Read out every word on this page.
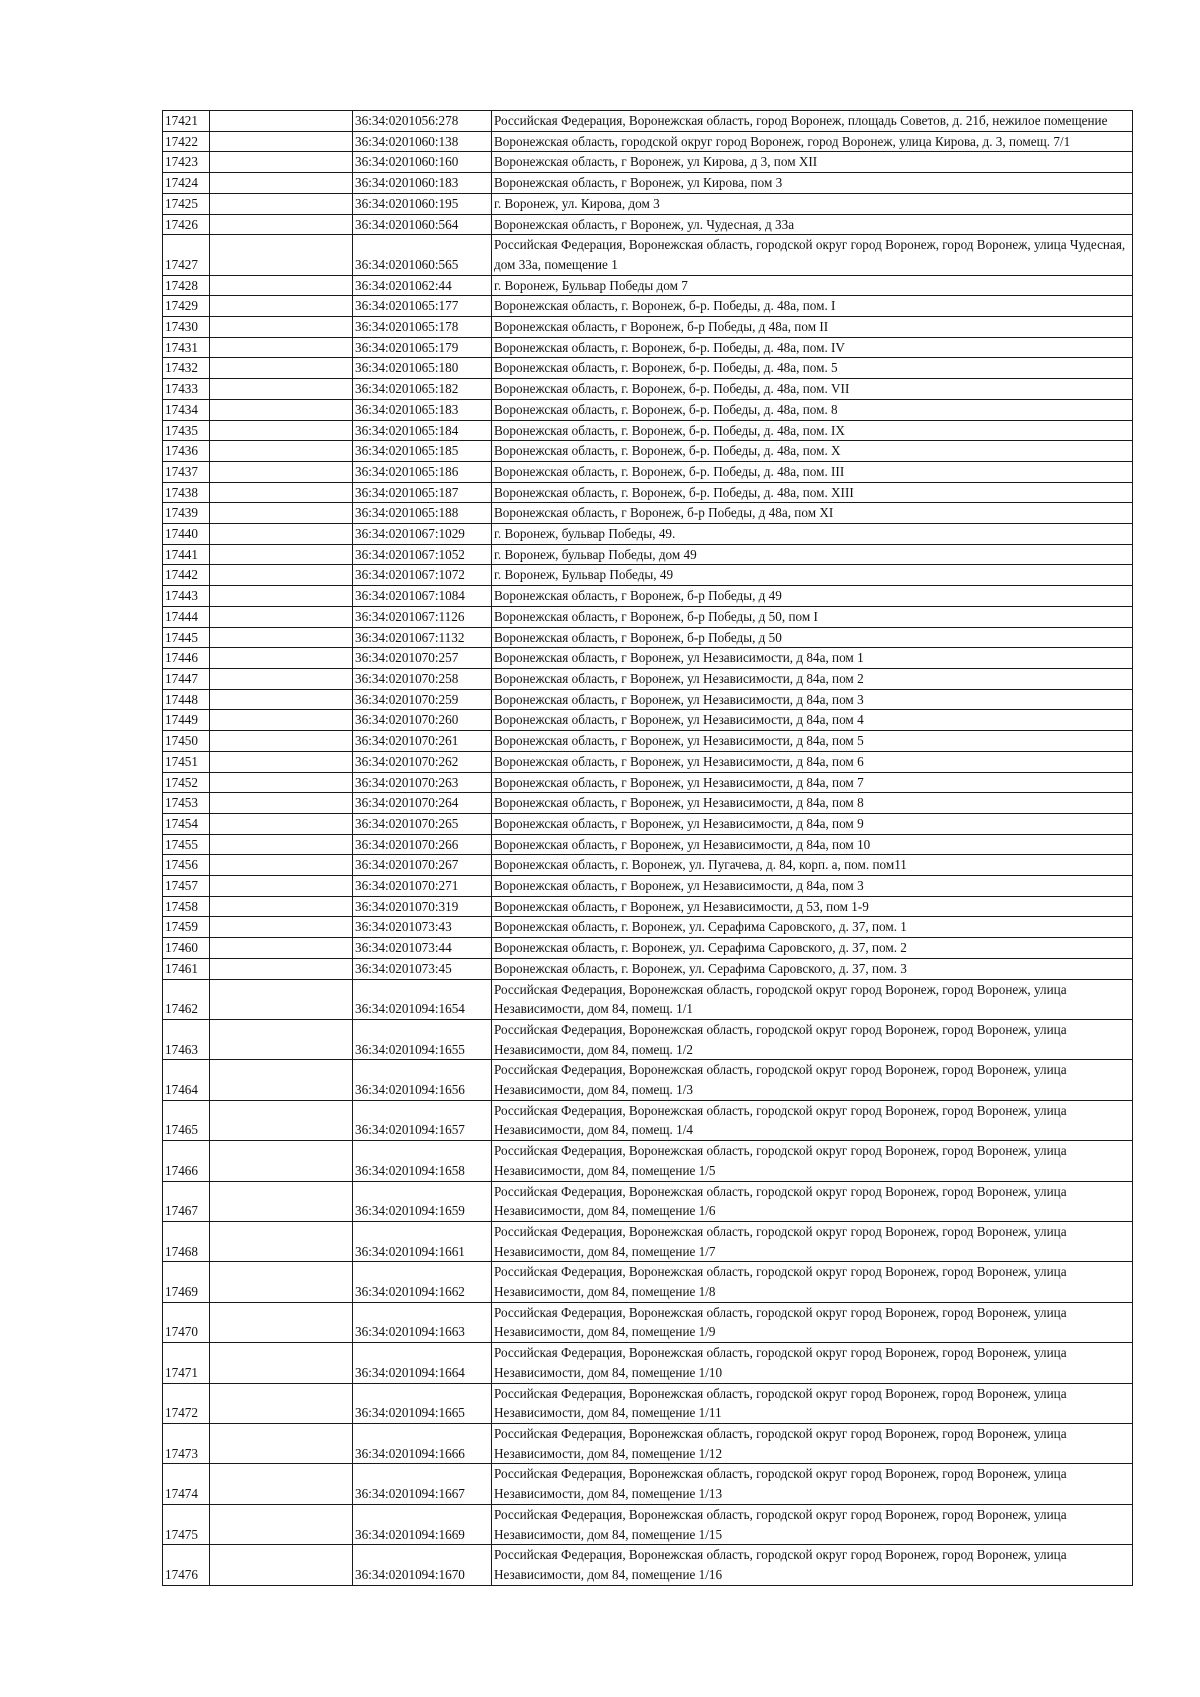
17421		36:34:0201056:278	Российская Федерация, Воронежская область, город Воронеж, площадь Советов, д. 21б, нежилое помещение
17422		36:34:0201060:138	Воронежская область, городской округ город Воронеж, город Воронеж, улица Кирова, д. 3, помещ. 7/1
17423		36:34:0201060:160	Воронежская область, г Воронеж, ул Кирова, д 3, пом XII
17424		36:34:0201060:183	Воронежская область, г Воронеж, ул Кирова, пом 3
17425		36:34:0201060:195	г. Воронеж, ул. Кирова, дом 3
17426		36:34:0201060:564	Воронежская область, г Воронеж, ул. Чудесная, д 33а
17427		36:34:0201060:565	Российская Федерация, Воронежская область, городской округ город Воронеж, город Воронеж, улица Чудесная, дом 33а, помещение 1
17428		36:34:0201062:44	г. Воронеж, Бульвар Победы дом 7
17429		36:34:0201065:177	Воронежская область, г. Воронеж, б-р. Победы, д. 48а, пом. I
17430		36:34:0201065:178	Воронежская область, г Воронеж, б-р Победы, д 48а, пом II
17431		36:34:0201065:179	Воронежская область, г. Воронеж, б-р. Победы, д. 48а, пом. IV
17432		36:34:0201065:180	Воронежская область, г. Воронеж, б-р. Победы, д. 48а, пом. 5
17433		36:34:0201065:182	Воронежская область, г. Воронеж, б-р. Победы, д. 48а, пом. VII
17434		36:34:0201065:183	Воронежская область, г. Воронеж, б-р. Победы, д. 48а, пом. 8
17435		36:34:0201065:184	Воронежская область, г. Воронеж, б-р. Победы, д. 48а, пом. IX
17436		36:34:0201065:185	Воронежская область, г. Воронеж, б-р. Победы, д. 48а, пом. X
17437		36:34:0201065:186	Воронежская область, г. Воронеж, б-р. Победы, д. 48а, пом. III
17438		36:34:0201065:187	Воронежская область, г. Воронеж, б-р. Победы, д. 48а, пом. XIII
17439		36:34:0201065:188	Воронежская область, г Воронеж, б-р Победы, д 48а, пом XI
17440		36:34:0201067:1029	г. Воронеж, бульвар Победы, 49.
17441		36:34:0201067:1052	г. Воронеж, бульвар Победы, дом 49
17442		36:34:0201067:1072	г. Воронеж, Бульвар Победы, 49
17443		36:34:0201067:1084	Воронежская область, г Воронеж, б-р Победы, д 49
17444		36:34:0201067:1126	Воронежская область, г Воронеж, б-р Победы, д 50, пом I
17445		36:34:0201067:1132	Воронежская область, г Воронеж, б-р Победы, д 50
17446		36:34:0201070:257	Воронежская область, г Воронеж, ул Независимости, д 84а, пом 1
17447		36:34:0201070:258	Воронежская область, г Воронеж, ул Независимости, д 84а, пом 2
17448		36:34:0201070:259	Воронежская область, г Воронеж, ул Независимости, д 84а, пом 3
17449		36:34:0201070:260	Воронежская область, г Воронеж, ул Независимости, д 84а, пом 4
17450		36:34:0201070:261	Воронежская область, г Воронеж, ул Независимости, д 84а, пом 5
17451		36:34:0201070:262	Воронежская область, г Воронеж, ул Независимости, д 84а, пом 6
17452		36:34:0201070:263	Воронежская область, г Воронеж, ул Независимости, д 84а, пом 7
17453		36:34:0201070:264	Воронежская область, г Воронеж, ул Независимости, д 84а, пом 8
17454		36:34:0201070:265	Воронежская область, г Воронеж, ул Независимости, д 84а, пом 9
17455		36:34:0201070:266	Воронежская область, г Воронеж, ул Независимости, д 84а, пом 10
17456		36:34:0201070:267	Воронежская область, г. Воронеж, ул. Пугачева, д. 84, корп. а, пом. пом11
17457		36:34:0201070:271	Воронежская область, г Воронеж, ул Независимости, д 84а, пом 3
17458		36:34:0201070:319	Воронежская область, г Воронеж, ул Независимости, д 53, пом 1-9
17459		36:34:0201073:43	Воронежская область, г. Воронеж, ул. Серафима Саровского, д. 37, пом. 1
17460		36:34:0201073:44	Воронежская область, г. Воронеж, ул. Серафима Саровского, д. 37, пом. 2
17461		36:34:0201073:45	Воронежская область, г. Воронеж, ул. Серафима Саровского, д. 37, пом. 3
17462		36:34:0201094:1654	Российская Федерация, Воронежская область, городской округ город Воронеж, город Воронеж, улица Независимости, дом 84, помещ. 1/1
17463		36:34:0201094:1655	Российская Федерация, Воронежская область, городской округ город Воронеж, город Воронеж, улица Независимости, дом 84, помещ. 1/2
17464		36:34:0201094:1656	Российская Федерация, Воронежская область, городской округ город Воронеж, город Воронеж, улица Независимости, дом 84, помещ. 1/3
17465		36:34:0201094:1657	Российская Федерация, Воронежская область, городской округ город Воронеж, город Воронеж, улица Независимости, дом 84, помещ. 1/4
17466		36:34:0201094:1658	Российская Федерация, Воронежская область, городской округ город Воронеж, город Воронеж, улица Независимости, дом 84, помещение 1/5
17467		36:34:0201094:1659	Российская Федерация, Воронежская область, городской округ город Воронеж, город Воронеж, улица Независимости, дом 84, помещение 1/6
17468		36:34:0201094:1661	Российская Федерация, Воронежская область, городской округ город Воронеж, город Воронеж, улица Независимости, дом 84, помещение 1/7
17469		36:34:0201094:1662	Российская Федерация, Воронежская область, городской округ город Воронеж, город Воронеж, улица Независимости, дом 84, помещение 1/8
17470		36:34:0201094:1663	Российская Федерация, Воронежская область, городской округ город Воронеж, город Воронеж, улица Независимости, дом 84, помещение 1/9
17471		36:34:0201094:1664	Российская Федерация, Воронежская область, городской округ город Воронеж, город Воронеж, улица Независимости, дом 84, помещение 1/10
17472		36:34:0201094:1665	Российская Федерация, Воронежская область, городской округ город Воронеж, город Воронеж, улица Независимости, дом 84, помещение 1/11
17473		36:34:0201094:1666	Российская Федерация, Воронежская область, городской округ город Воронеж, город Воронеж, улица Независимости, дом 84, помещение 1/12
17474		36:34:0201094:1667	Российская Федерация, Воронежская область, городской округ город Воронеж, город Воронеж, улица Независимости, дом 84, помещение 1/13
17475		36:34:0201094:1669	Российская Федерация, Воронежская область, городской округ город Воронеж, город Воронеж, улица Независимости, дом 84, помещение 1/15
17476		36:34:0201094:1670	Российская Федерация, Воронежская область, городской округ город Воронеж, город Воронеж, улица Независимости, дом 84, помещение 1/16
